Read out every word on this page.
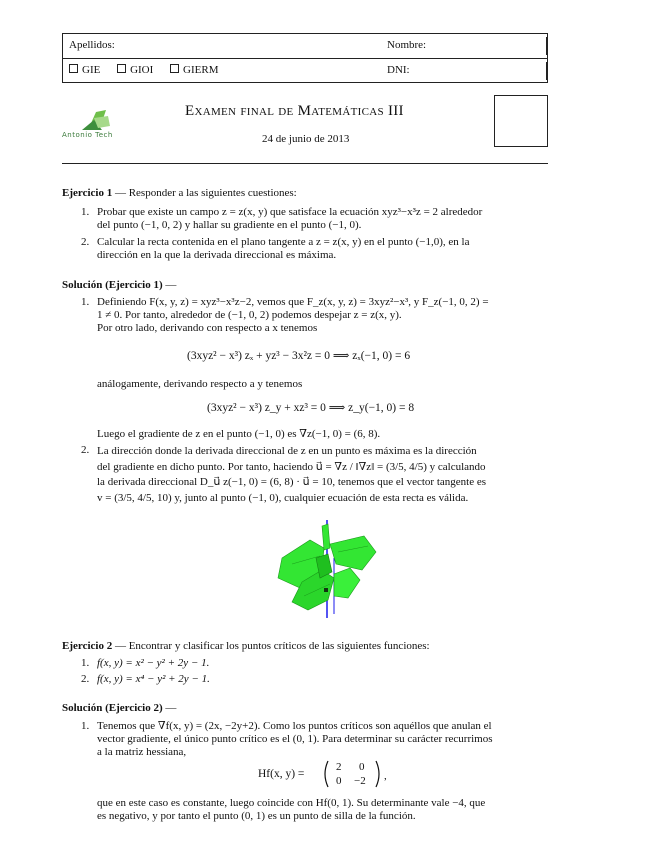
Apellidos:	Nombre:
GIE	GIOI	GIERM	DNI:
Antonio Tech
Examen final de Matemáticas III
24 de junio de 2013
Ejercicio 1 — Responder a las siguientes cuestiones:
1. Probar que existe un campo z = z(x, y) que satisface la ecuación xyz³−x³z = 2 alrededor
del punto (−1, 0, 2) y hallar su gradiente en el punto (−1, 0).
2. Calcular la recta contenida en el plano tangente a z = z(x, y) en el punto (−1,0), en la
dirección en la que la derivada direccional es máxima.
Solución (Ejercicio 1) —
1. Definiendo F(x, y, z) = xyz³−x³z−2, vemos que F_z(x, y, z) = 3xyz²−x³, y F_z(−1, 0, 2) =
1 ≠ 0. Por tanto, alrededor de (−1, 0, 2) podemos despejar z = z(x, y).
Por otro lado, derivando con respecto a x tenemos
(3xyz² − x³) zₓ + yz³ − 3x²z = 0 ⟹ zₓ(−1, 0) = 6
análogamente, derivando respecto a y tenemos
(3xyz² − x³) z_y + xz³ = 0 ⟹ z_y(−1, 0) = 8
Luego el gradiente de z en el punto (−1, 0) es ∇z(−1, 0) = (6, 8).
2. La dirección donde la derivada direccional de z en un punto es máxima es la dirección
del gradiente en dicho punto. Por tanto, haciendo u⃗ = ∇z / ‖∇z‖ = (3/5, 4/5) y calculando
la derivada direccional D_u⃗ z(−1, 0) = (6, 8) · u⃗ = 10, tenemos que el vector tangente es
v = (3/5, 4/5, 10) y, junto al punto (−1, 0), cualquier ecuación de esta recta es válida.
Ejercicio 2 — Encontrar y clasificar los puntos críticos de las siguientes funciones:
1. f(x, y) = x² − y² + 2y − 1.
2. f(x, y) = x⁴ − y² + 2y − 1.
Solución (Ejercicio 2) —
1. Tenemos que ∇f(x, y) = (2x, −2y+2). Como los puntos críticos son aquéllos que anulan el
vector gradiente, el único punto crítico es el (0, 1). Para determinar su carácter recurrimos
a la matriz hessiana,
Hf(x, y) =
2 0
0 −2 ,
que en este caso es constante, luego coincide con Hf(0, 1). Su determinante vale −4, que
es negativo, y por tanto el punto (0, 1) es un punto de silla de la función.
